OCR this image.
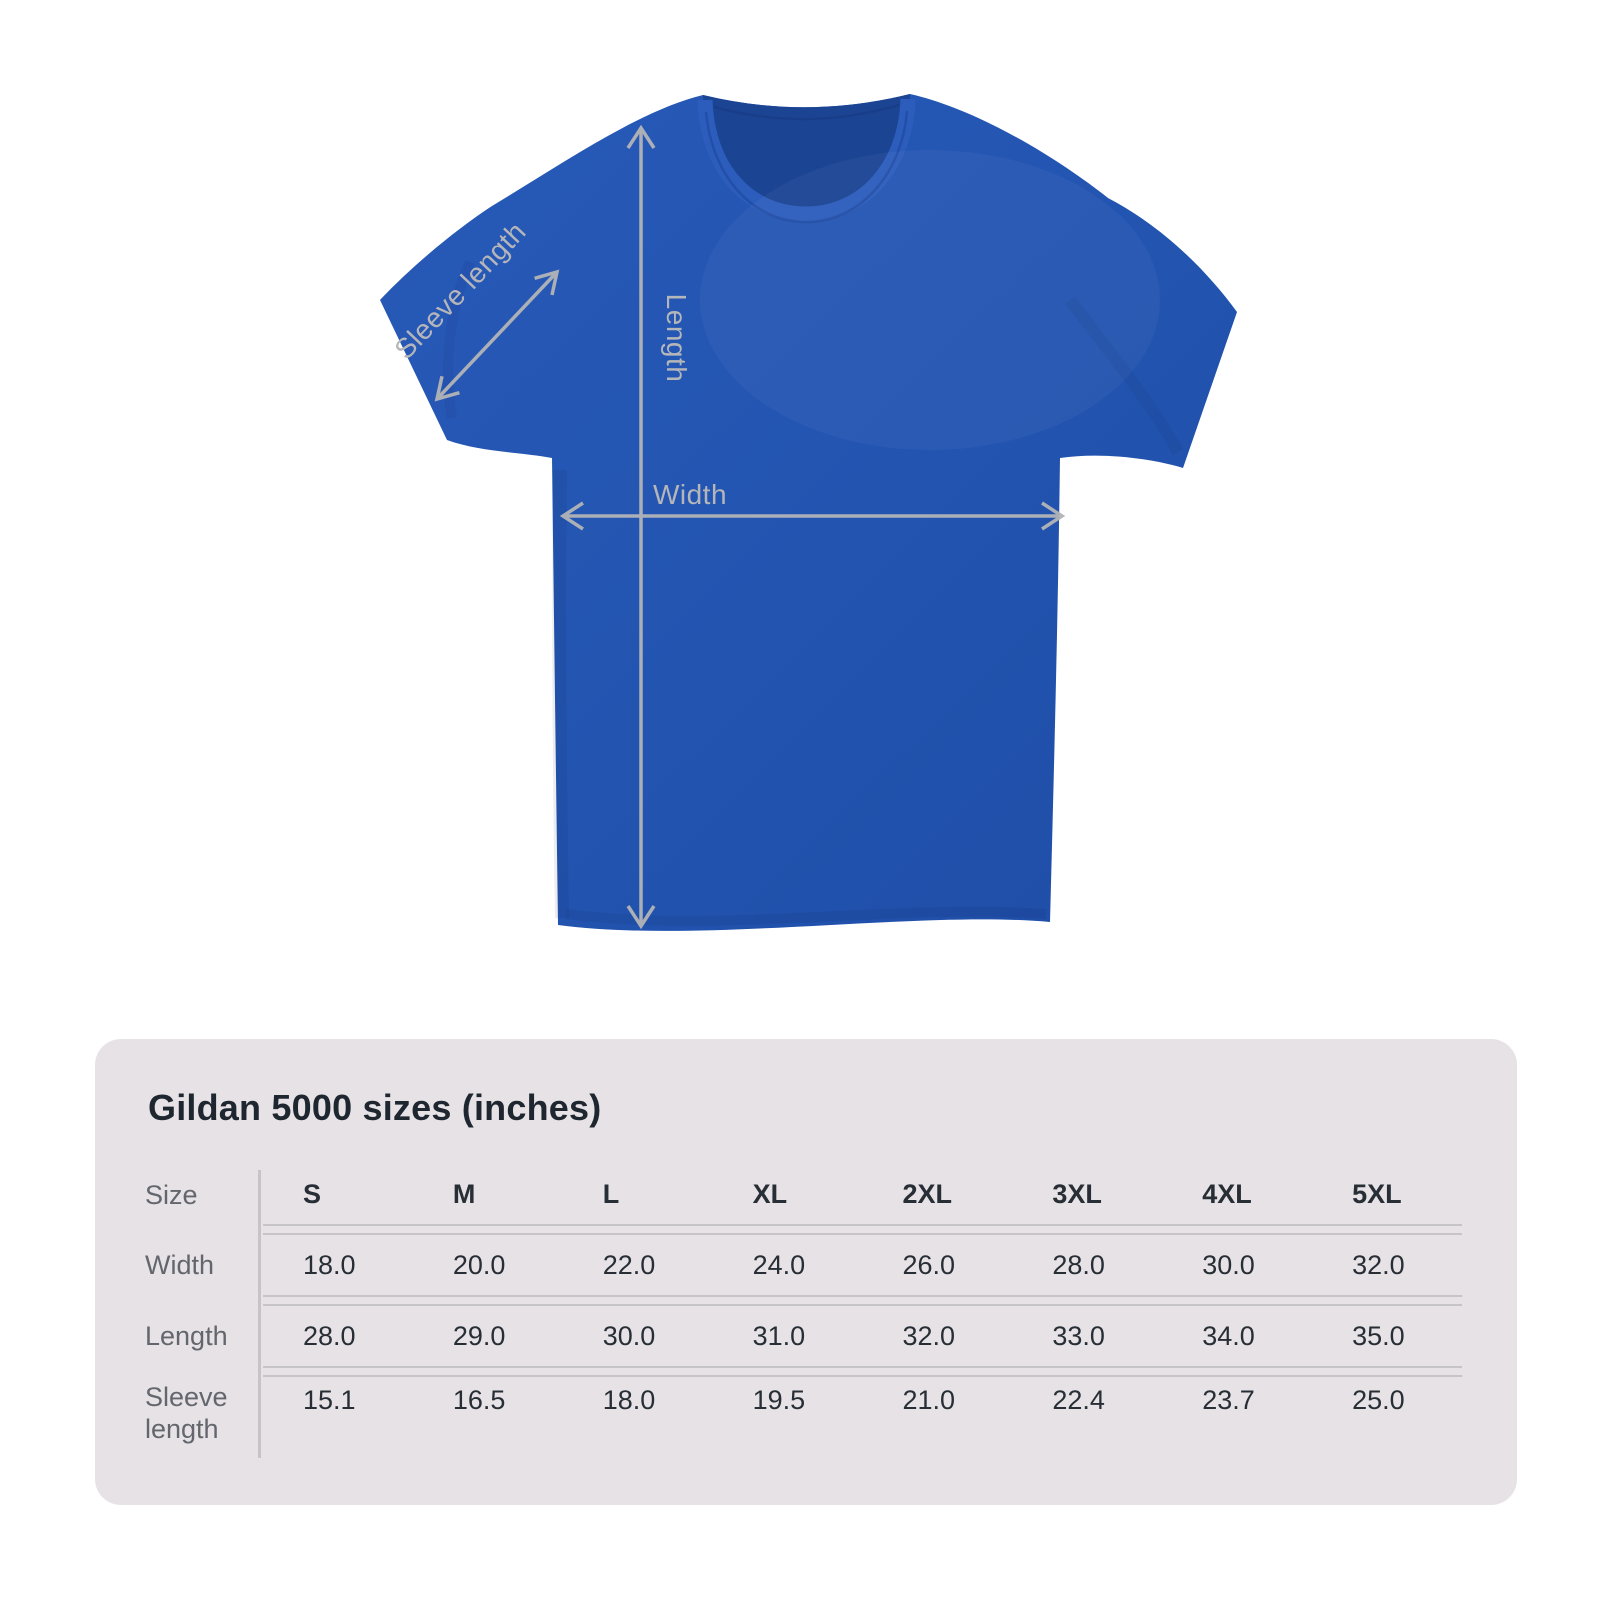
Length
Width
Sleeve length
Gildan 5000 sizes (inches)
Size	S	M	L	XL	2XL	3XL	4XL	5XL
Width	18.0	20.0	22.0	24.0	26.0	28.0	30.0	32.0
Length	28.0	29.0	30.0	31.0	32.0	33.0	34.0	35.0
Sleeve length	15.1	16.5	18.0	19.5	21.0	22.4	23.7	25.0
